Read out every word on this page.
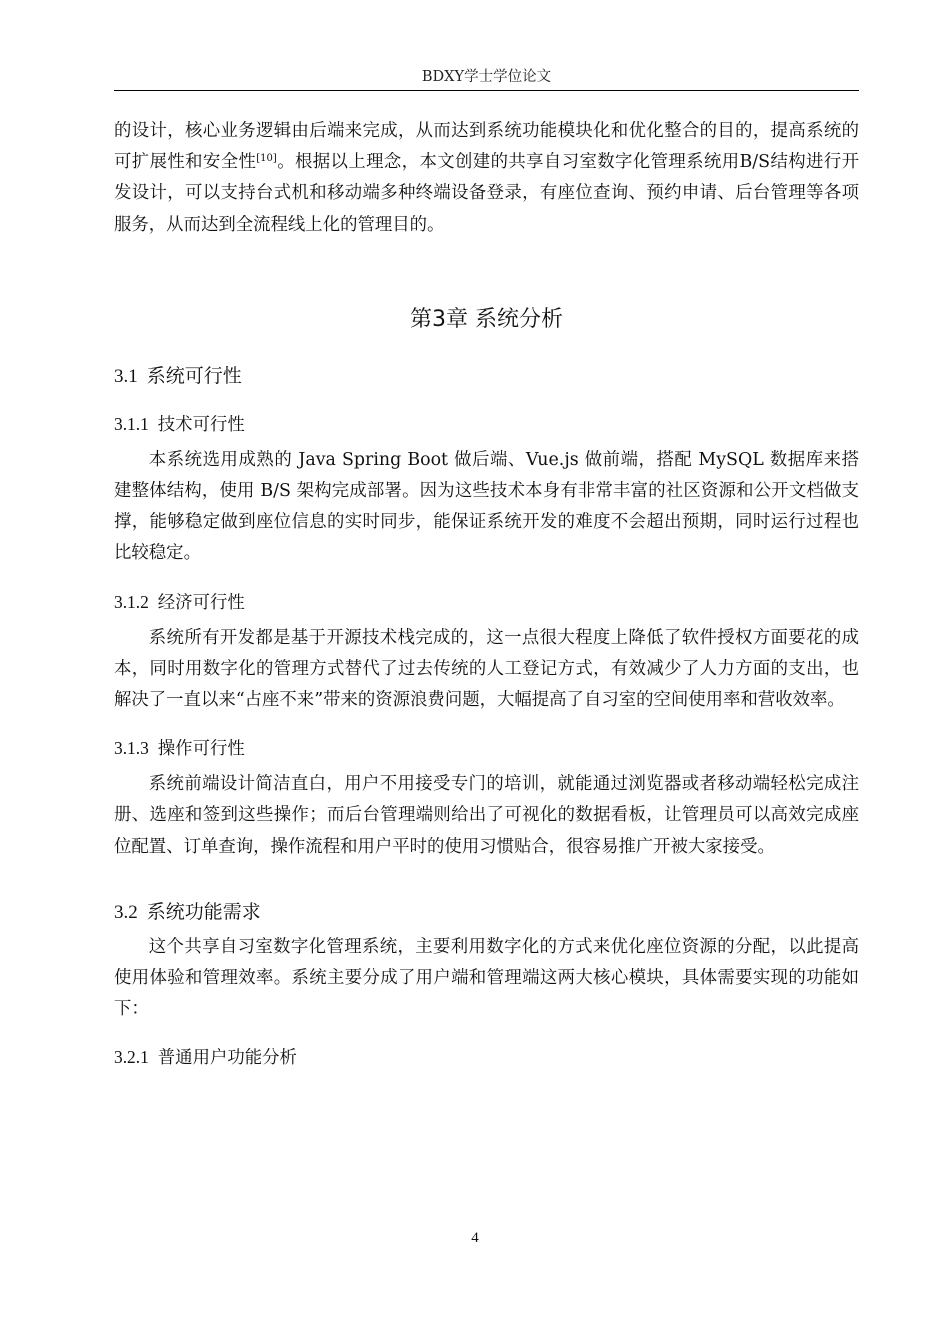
BDXY学士学位论文

的设计，核心业务逻辑由后端来完成，从而达到系统功能模块化和优化整合的目的，提高系统的可扩展性和安全性[10]。根据以上理念，本文创建的共享自习室数字化管理系统用B/S结构进行开发设计，可以支持台式机和移动端多种终端设备登录，有座位查询、预约申请、后台管理等各项服务，从而达到全流程线上化的管理目的。

第3章 系统分析
3.1 系统可行性
3.1.1 技术可行性

本系统选用成熟的 Java Spring Boot 做后端、Vue.js 做前端，搭配 MySQL 数据库来搭建整体结构，使用 B/S 架构完成部署。因为这些技术本身有非常丰富的社区资源和公开文档做支撑，能够稳定做到座位信息的实时同步，能保证系统开发的难度不会超出预期，同时运行过程也比较稳定。

3.1.2 经济可行性

系统所有开发都是基于开源技术栈完成的，这一点很大程度上降低了软件授权方面要花的成本，同时用数字化的管理方式替代了过去传统的人工登记方式，有效减少了人力方面的支出，也解决了一直以来“占座不来”带来的资源浪费问题，大幅提高了自习室的空间使用率和营收效率。

3.1.3 操作可行性

系统前端设计简洁直白，用户不用接受专门的培训，就能通过浏览器或者移动端轻松完成注册、选座和签到这些操作；而后台管理端则给出了可视化的数据看板，让管理员可以高效完成座位配置、订单查询，操作流程和用户平时的使用习惯贴合，很容易推广开被大家接受。

3.2 系统功能需求

这个共享自习室数字化管理系统，主要利用数字化的方式来优化座位资源的分配，以此提高使用体验和管理效率。系统主要分成了用户端和管理端这两大核心模块，具体需要实现的功能如下：

3.2.1 普通用户功能分析
4
